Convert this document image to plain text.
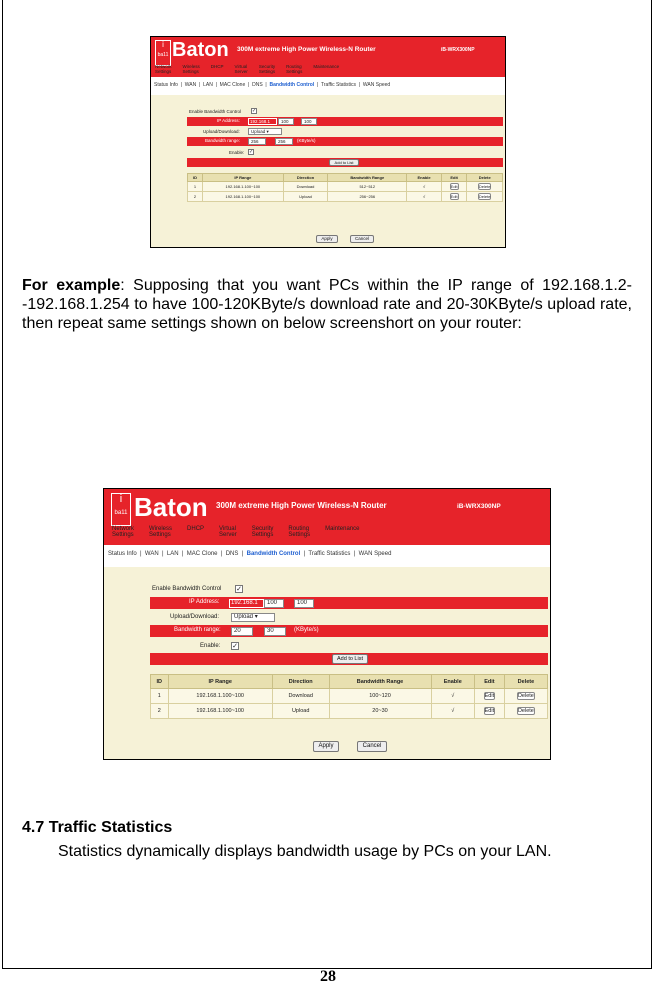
i
ba11 Baton 300M extreme High Power Wireless-N Router	iB-WRX300NP
Network
Settings
Wireless
Settings
DHCP Virtual
Server
Security
Settings
Routing
Settings
Maintenance
Status Info  |  WAN  |  LAN  |  MAC Clone  |  DNS  |  Bandwidth Control  |  Traffic Statistics  |  WAN Speed
Enable Bandwidth Control ✓
IP Address:	192.168.1	100	100
Upload/Download:	Upload ▾
Bandwidth range:	256	256	(KByte/s)
Enable: ✓
Add to List
ID	IP Range	Direction	Bandwidth Range	Enable	Edit	Delete
1	192.168.1.100~100	Download	512~512	√	Edit	Delete
2	192.168.1.100~100	Upload	256~256	√	Edit	Delete
Apply	Cancel
For example: Supposing that you want PCs within the IP range of 192.168.1.2--192.168.1.254 to have 100-120KByte/s download rate and 20-30KByte/s upload rate, then repeat same settings shown on below screenshort on your router:
i
ba11 Baton 300M extreme High Power Wireless-N Router	iB-WRX300NP
Network
Settings
Wireless
Settings
DHCP	Virtual
Server
Security
Settings
Routing
Settings
Maintenance
Status Info  |  WAN  |  LAN  |  MAC Clone  |  DNS  |  Bandwidth Control  |  Traffic Statistics  |  WAN Speed
Enable Bandwidth Control ✓
IP Address:	192.168.1	100	100
Upload/Download:	Upload ▾
Bandwidth range:	20	30	(KByte/s)
Enable: ✓
Add to List
ID	IP Range	Direction	Bandwidth Range	Enable	Edit	Delete
1	192.168.1.100~100	Download	100~120	√	Edit	Delete
2	192.168.1.100~100	Upload	20~30	√	Edit	Delete
Apply	Cancel
4.7 Traffic Statistics
Statistics dynamically displays bandwidth usage by PCs on your LAN.
28
